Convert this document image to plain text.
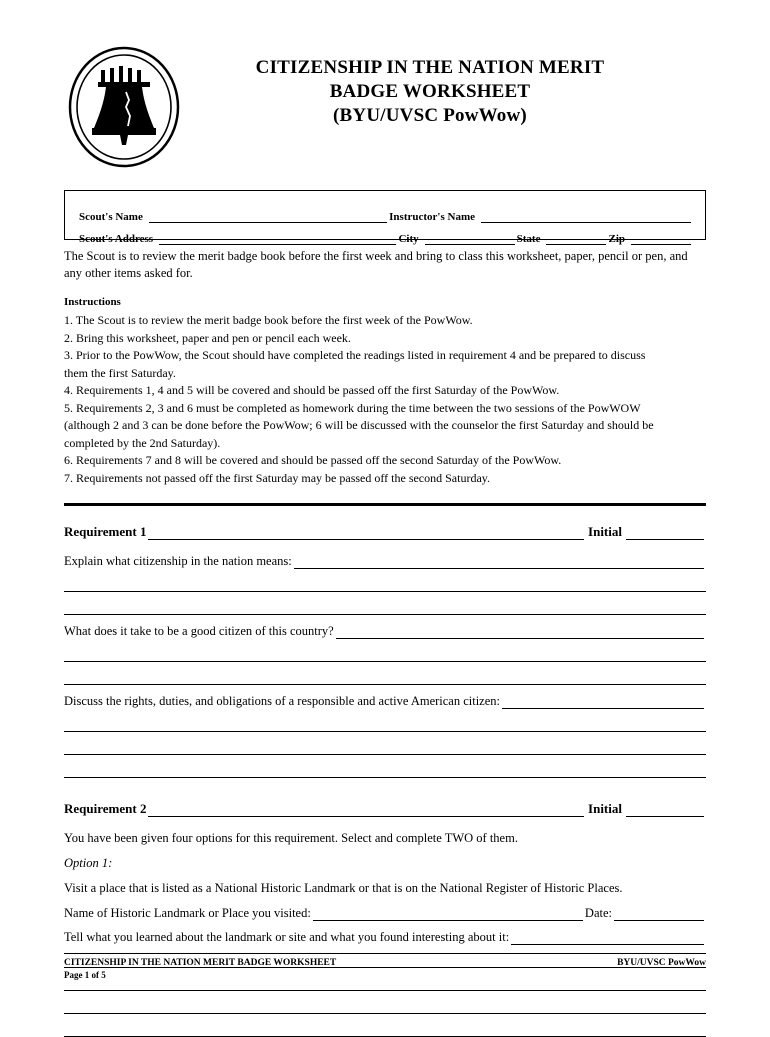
CITIZENSHIP IN THE NATION MERIT
BADGE WORKSHEET
(BYU/UVSC PowWow)
Scout's Name	Instructor's Name
Scout's Address	City	State	Zip
The Scout is to review the merit badge book before the first week and bring to class this worksheet, paper, pencil or pen, and any other items asked for.
Instructions
1. The Scout is to review the merit badge book before the first week of the PowWow.
2. Bring this worksheet, paper and pen or pencil each week.
3. Prior to the PowWow, the Scout should have completed the readings listed in requirement 4 and be prepared to discuss
them the first Saturday.
4. Requirements 1, 4 and 5 will be covered and should be passed off the first Saturday of the PowWow.
5. Requirements 2, 3 and 6 must be completed as homework during the time between the two sessions of the PowWOW
(although 2 and 3 can be done before the PowWow; 6 will be discussed with the counselor the first Saturday and should be
completed by the 2nd Saturday).
6. Requirements 7 and 8 will be covered and should be passed off the second Saturday of the PowWow.
7. Requirements not passed off the first Saturday may be passed off the second Saturday.
Requirement 1	Initial
Explain what citizenship in the nation means:
What does it take to be a good citizen of this country?
Discuss the rights, duties, and obligations of a responsible and active American citizen:
Requirement 2	Initial
You have been given four options for this requirement. Select and complete TWO of them.
Option 1:
Visit a place that is listed as a National Historic Landmark or that is on the National Register of Historic Places.
Name of Historic Landmark or Place you visited:	Date:
Tell what you learned about the landmark or site and what you found interesting about it:
CITIZENSHIP IN THE NATION MERIT BADGE WORKSHEET	BYU/UVSC PowWow
Page 1 of 5
